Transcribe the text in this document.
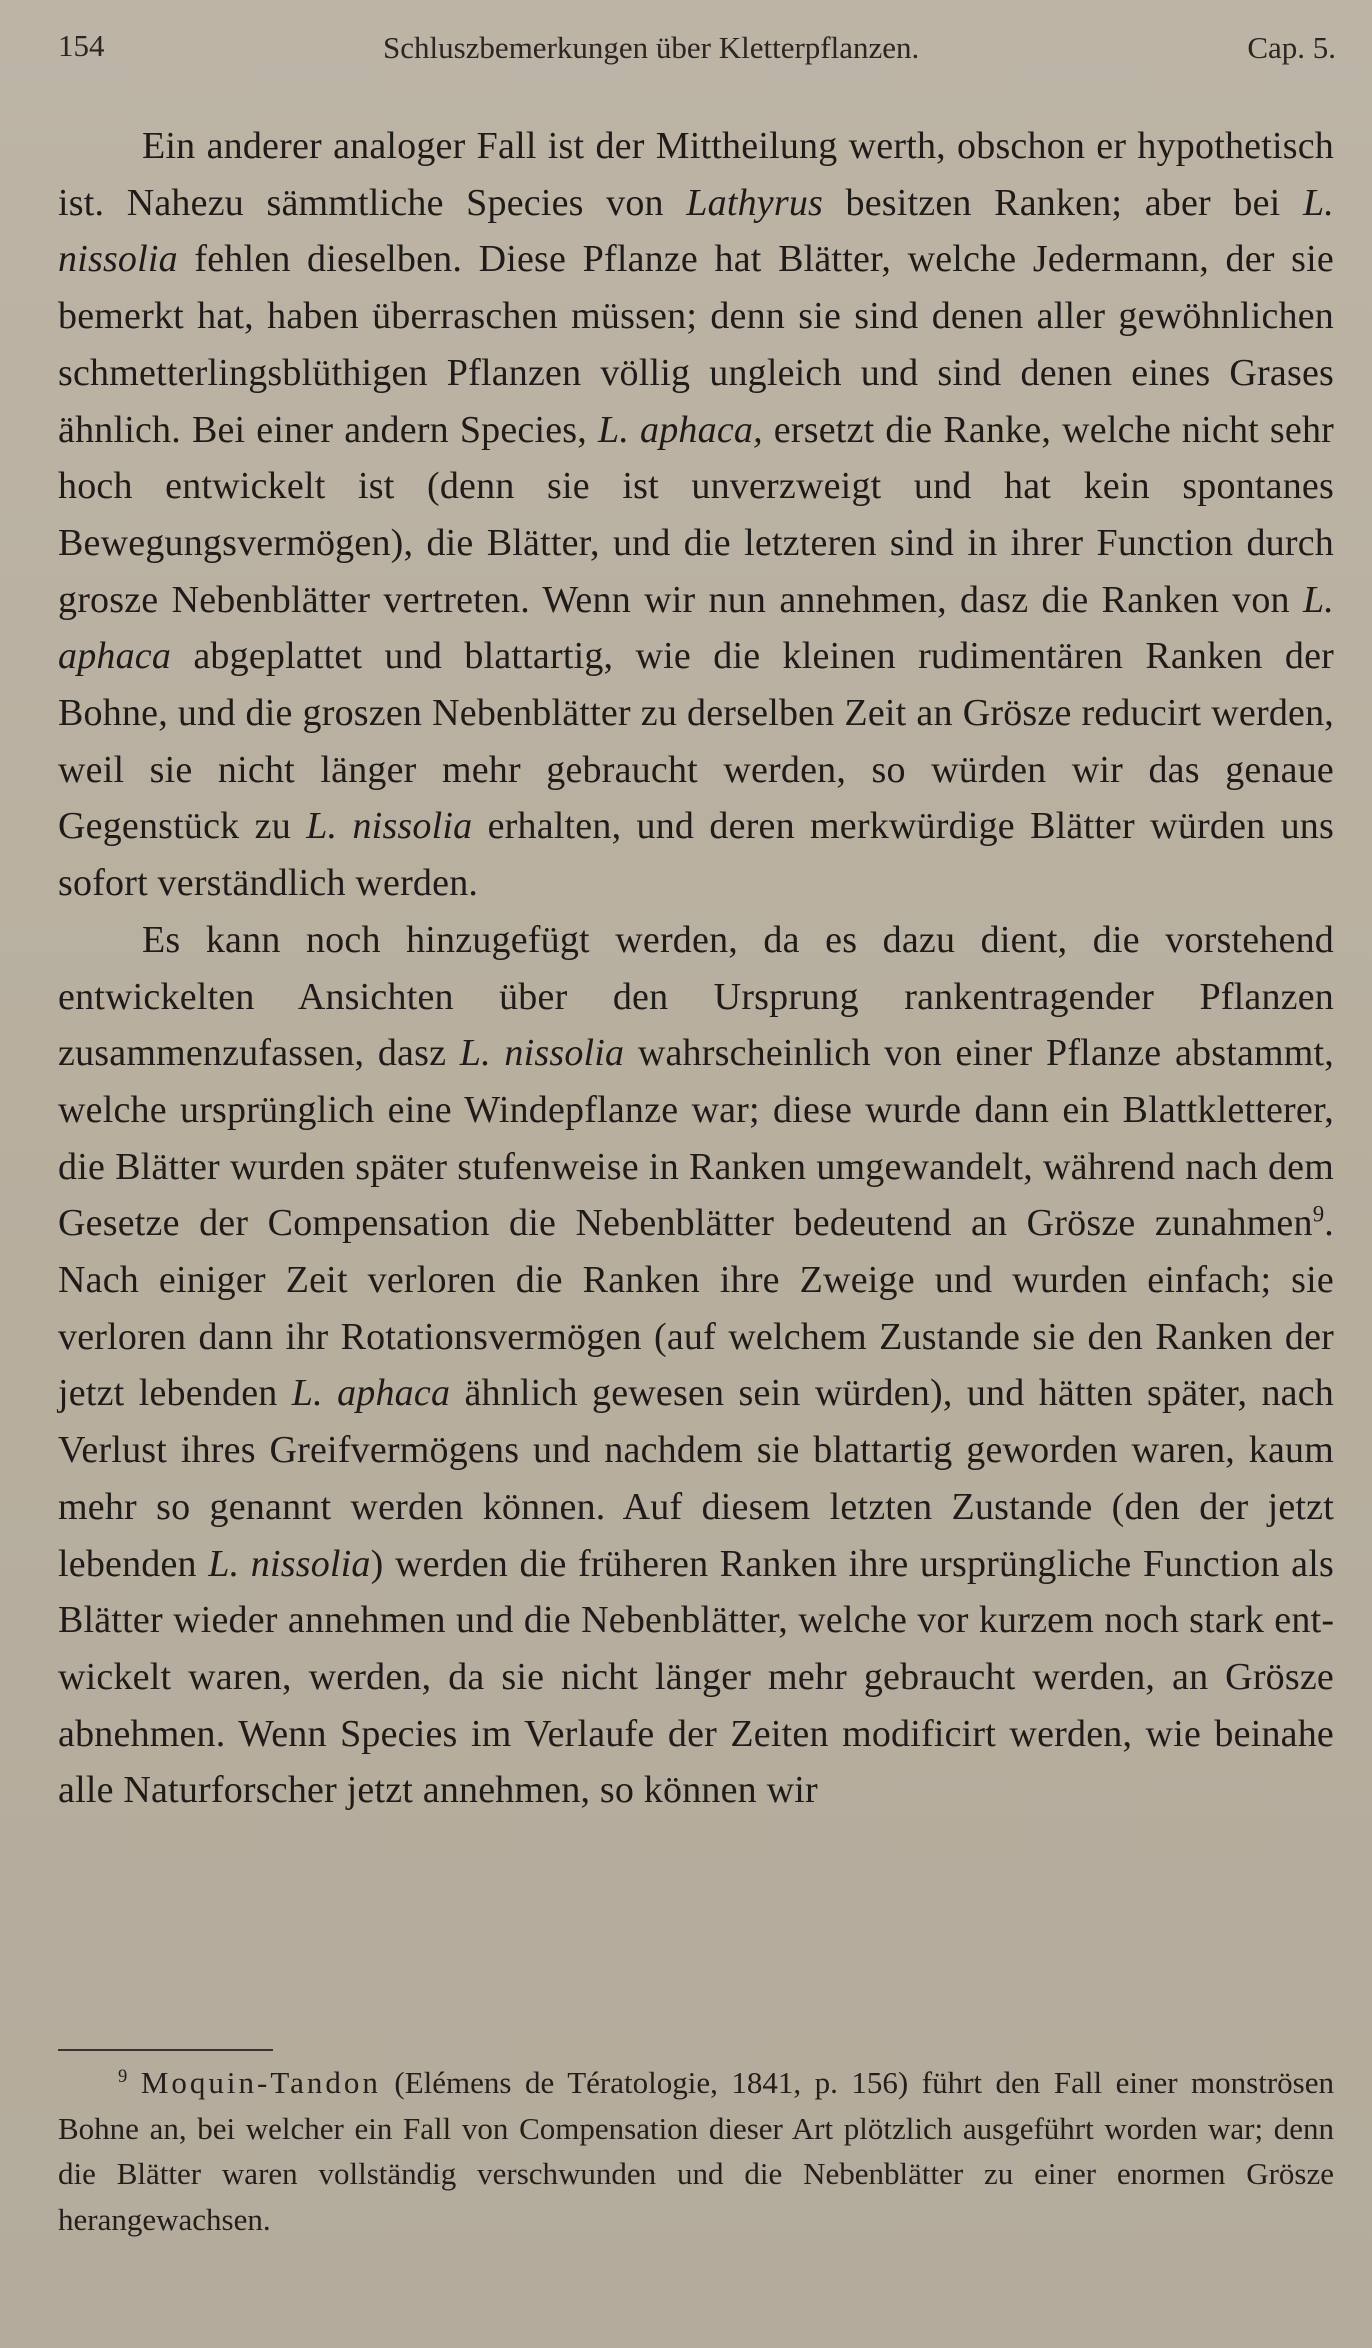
154	Schluszbemerkungen über Kletterpflanzen.	Cap. 5.

Ein anderer analoger Fall ist der Mittheilung werth, obschon er hypothetisch ist. Nahezu sämmtliche Species von Lathyrus besitzen Ranken; aber bei L. nissolia fehlen dieselben. Diese Pflanze hat Blätter, welche Jedermann, der sie bemerkt hat, haben überraschen müssen; denn sie sind denen aller gewöhnlichen schmetterlingsblüthigen Pflanzen völlig ungleich und sind denen eines Grases ähnlich. Bei einer andern Species, L. aphaca, ersetzt die Ranke, welche nicht sehr hoch entwickelt ist (denn sie ist unverzweigt und hat kein spontanes Bewegungsvermögen), die Blätter, und die letzteren sind in ihrer Function durch grosze Nebenblätter vertreten. Wenn wir nun annehmen, dasz die Ranken von L. aphaca abgeplattet und blattartig, wie die kleinen rudimentären Ranken der Bohne, und die groszen Nebenblätter zu derselben Zeit an Grösze reducirt werden, weil sie nicht länger mehr gebraucht werden, so würden wir das genaue Gegenstück zu L. nissolia erhalten, und deren merkwürdige Blätter würden uns sofort verständlich werden.

Es kann noch hinzugefügt werden, da es dazu dient, die vorstehend entwickelten Ansichten über den Ursprung rankentragender Pflanzen zusammenzufassen, dasz L. nissolia wahrscheinlich von einer Pflanze abstammt, welche ursprünglich eine Windepflanze war; diese wurde dann ein Blattkletterer, die Blätter wurden später stufenweise in Ranken umgewandelt, während nach dem Gesetze der Compensation die Nebenblätter bedeutend an Grösze zunahmen$^9$. Nach einiger Zeit verloren die Ranken ihre Zweige und wurden einfach; sie verloren dann ihr Rotationsvermögen (auf welchem Zustande sie den Ranken der jetzt lebenden L. aphaca ähnlich gewesen sein würden), und hätten später, nach Verlust ihres Greifvermögens und nachdem sie blattartig geworden waren, kaum mehr so genannt werden können. Auf diesem letzten Zustande (den der jetzt lebenden L. nissolia) werden die früheren Ranken ihre ursprüngliche Function als Blätter wieder annehmen und die Nebenblätter, welche vor kurzem noch stark entwickelt waren, werden, da sie nicht länger mehr gebraucht werden, an Grösze abnehmen. Wenn Species im Verlaufe der Zeiten modificirt werden, wie beinahe alle Naturforscher jetzt annehmen, so können wir

$^9$ Moquin-Tandon (Elémens de Tératologie, 1841, p. 156) führt den Fall einer monströsen Bohne an, bei welcher ein Fall von Compensation dieser Art plötzlich ausgeführt worden war; denn die Blätter waren vollständig verschwunden und die Nebenblätter zu einer enormen Grösze herangewachsen.
